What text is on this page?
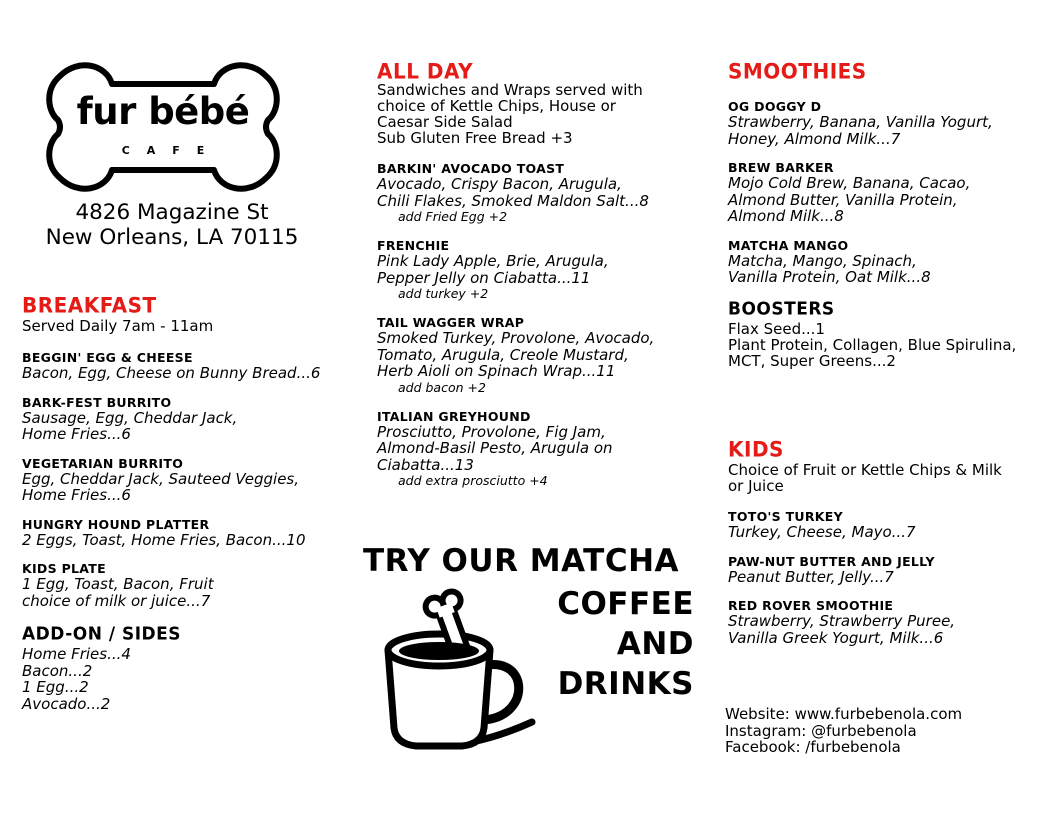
fur bébé
CAFE
4826 Magazine St
New Orleans, LA 70115
BREAKFAST
Served Daily 7am - 11am
BEGGIN' EGG & CHEESE
Bacon, Egg, Cheese on Bunny Bread...6
BARK-FEST BURRITO
Sausage, Egg, Cheddar Jack,
Home Fries...6
VEGETARIAN BURRITO
Egg, Cheddar Jack, Sauteed Veggies,
Home Fries...6
HUNGRY HOUND PLATTER
2 Eggs, Toast, Home Fries, Bacon...10
KIDS PLATE
1 Egg, Toast, Bacon, Fruit
choice of milk or juice...7
ADD-ON / SIDES
Home Fries...4
Bacon...2
1 Egg...2
Avocado...2
ALL DAY
Sandwiches and Wraps served with
choice of Kettle Chips, House or
Caesar Side Salad
Sub Gluten Free Bread +3
BARKIN' AVOCADO TOAST
Avocado, Crispy Bacon, Arugula,
Chili Flakes, Smoked Maldon Salt...8
add Fried Egg +2
FRENCHIE
Pink Lady Apple, Brie, Arugula,
Pepper Jelly on Ciabatta...11
add turkey +2
TAIL WAGGER WRAP
Smoked Turkey, Provolone, Avocado,
Tomato, Arugula, Creole Mustard,
Herb Aioli on Spinach Wrap...11
add bacon +2
ITALIAN GREYHOUND
Prosciutto, Provolone, Fig Jam,
Almond-Basil Pesto, Arugula on
Ciabatta...13
add extra prosciutto +4
TRY OUR MATCHA
COFFEE
AND
DRINKS
SMOOTHIES
OG DOGGY D
Strawberry, Banana, Vanilla Yogurt,
Honey, Almond Milk...7
BREW BARKER
Mojo Cold Brew, Banana, Cacao,
Almond Butter, Vanilla Protein,
Almond Milk...8
MATCHA MANGO
Matcha, Mango, Spinach,
Vanilla Protein, Oat Milk...8
BOOSTERS
Flax Seed...1
Plant Protein, Collagen, Blue Spirulina,
MCT, Super Greens...2
KIDS
Choice of Fruit or Kettle Chips & Milk
or Juice
TOTO'S TURKEY
Turkey, Cheese, Mayo...7
PAW-NUT BUTTER AND JELLY
Peanut Butter, Jelly...7
RED ROVER SMOOTHIE
Strawberry, Strawberry Puree,
Vanilla Greek Yogurt, Milk...6
Website: www.furbebenola.com
Instagram: @furbebenola
Facebook: /furbebenola
